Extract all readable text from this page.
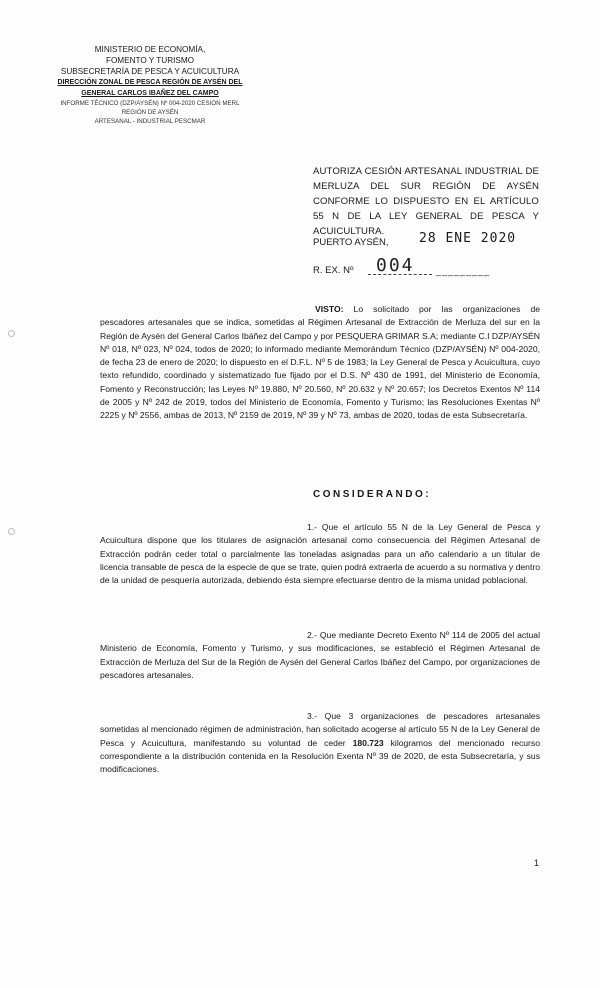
MINISTERIO DE ECONOMÍA,
FOMENTO Y TURISMO
SUBSECRETARÍA DE PESCA Y ACUICULTURA
DIRECCIÓN ZONAL DE PESCA REGIÓN DE AYSÉN DEL
GENERAL CARLOS IBAÑEZ DEL CAMPO
INFORME TÉCNICO (DZP/AYSÉN) Nº 004-2020 CESION MERL
REGIÓN DE AYSÉN
ARTESANAL - INDUSTRIAL PESCMAR
AUTORIZA CESIÓN ARTESANAL INDUSTRIAL DE MERLUZA DEL SUR REGIÓN DE AYSÉN CONFORME LO DISPUESTO EN EL ARTÍCULO 55 N DE LA LEY GENERAL DE PESCA Y ACUICULTURA.
PUERTO AYSÉN, 28 ENE 2020
R. EX. Nº 004 _________
VISTO: Lo solicitado por las organizaciones de pescadores artesanales que se indica, sometidas al Régimen Artesanal de Extracción de Merluza del sur en la Región de Aysén del General Carlos Ibáñez del Campo y por PESQUERA GRIMAR S.A; mediante C.I DZP/AYSÉN Nº 018, Nº 023, Nº 024, todos de 2020; lo informado mediante Memorándum Técnico (DZP/AYSÉN) Nº 004-2020, de fecha 23 de enero de 2020; lo dispuesto en el D.F.L. Nº 5 de 1983; la Ley General de Pesca y Acuicultura, cuyo texto refundido, coordinado y sistematizado fue fijado por el D.S. Nº 430 de 1991, del Ministerio de Economía, Fomento y Reconstrucción; las Leyes Nº 19.880, Nº 20.560, Nº 20.632 y Nº 20.657; los Decretos Exentos Nº 114 de 2005 y Nº 242 de 2019, todos del Ministerio de Economía, Fomento y Turismo; las Resoluciones Exentas Nº 2225 y Nº 2556, ambas de 2013, Nº 2159 de 2019, Nº 39 y Nº 73, ambas de 2020, todas de esta Subsecretaría.
CONSIDERANDO:
1.- Que el artículo 55 N de la Ley General de Pesca y Acuicultura dispone que los titulares de asignación artesanal como consecuencia del Régimen Artesanal de Extracción podrán ceder total o parcialmente las toneladas asignadas para un año calendario a un titular de licencia transable de pesca de la especie de que se trate, quien podrá extraerla de acuerdo a su normativa y dentro de la unidad de pesquería autorizada, debiendo ésta siempre efectuarse dentro de la misma unidad poblacional.
2.- Que mediante Decreto Exento Nº 114 de 2005 del actual Ministerio de Economía, Fomento y Turismo, y sus modificaciones, se estableció el Régimen Artesanal de Extracción de Merluza del Sur de la Región de Aysén del General Carlos Ibáñez del Campo, por organizaciones de pescadores artesanales.
3.- Que 3 organizaciones de pescadores artesanales sometidas al mencionado régimen de administración, han solicitado acogerse al artículo 55 N de la Ley General de Pesca y Acuicultura, manifestando su voluntad de ceder 180.723 kilogramos del mencionado recurso correspondiente a la distribución contenida en la Resolución Exenta Nº 39 de 2020, de esta Subsecretaría, y sus modificaciones.
1
